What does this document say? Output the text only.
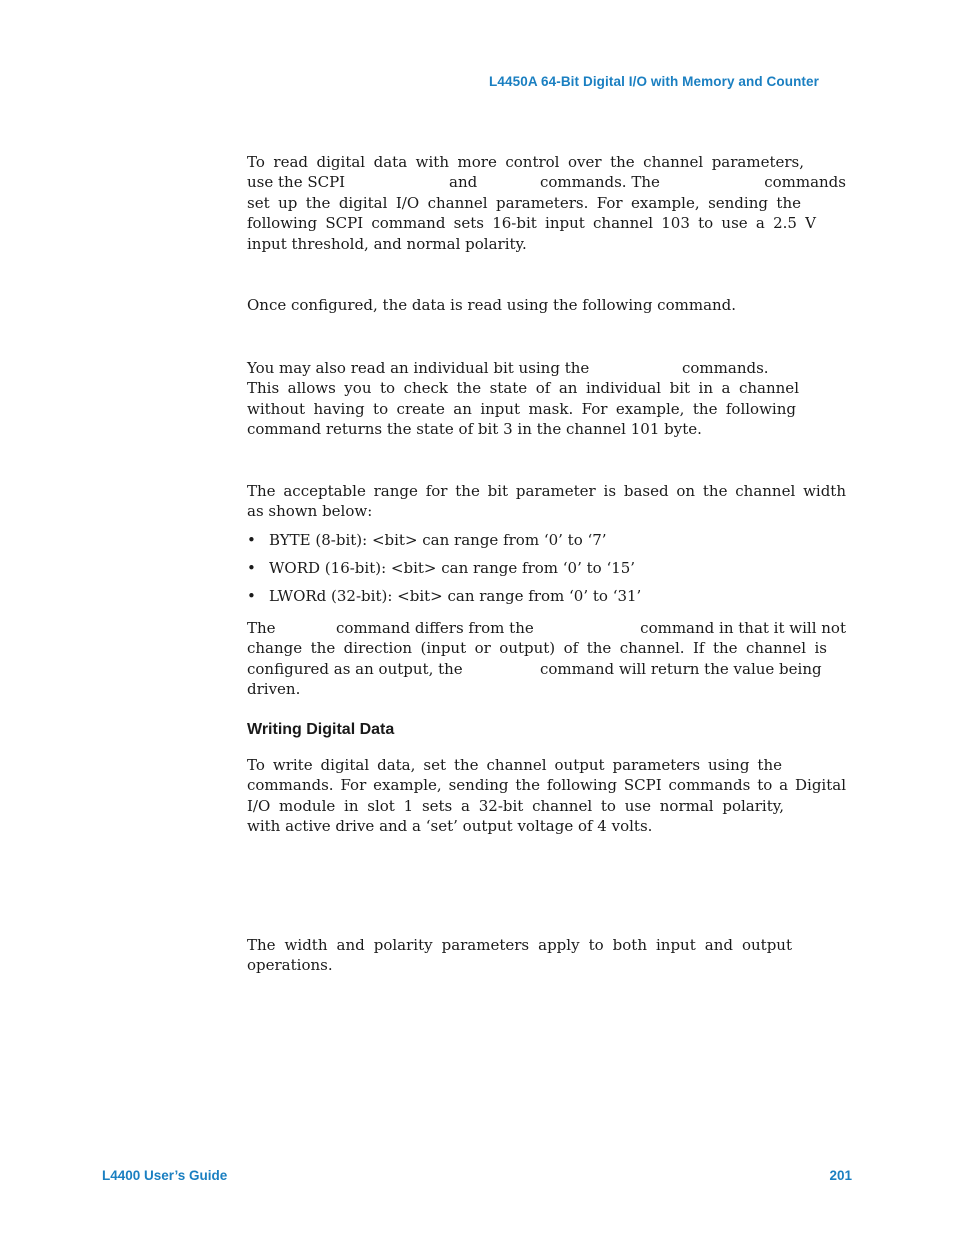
L4450A 64-Bit Digital I/O with Memory and Counter
To read digital data with more control over the channel parameters,
use the SCPI	and	commands. The	commands
set up the digital I/O channel parameters. For example, sending the
following SCPI command sets 16-bit input channel 103 to use a 2.5 V
input threshold, and normal polarity.
Once configured, the data is read using the following command.
You may also read an individual bit using the	commands.
This allows you to check the state of an individual bit in a channel
without having to create an input mask. For example, the following
command returns the state of bit 3 in the channel 101 byte.
The acceptable range for the bit parameter is based on the channel width
as shown below:
• BYTE (8-bit): <bit> can range from ‘0’ to ‘7’
• WORD (16-bit): <bit> can range from ‘0’ to ‘15’
• LWORd (32-bit): <bit> can range from ‘0’ to ‘31’
The	command differs from the	command in that it will not
change the direction (input or output) of the channel. If the channel is
configured as an output, the	command will return the value being
driven.
Writing Digital Data
To write digital data, set the channel output parameters using the
commands. For example, sending the following SCPI commands to a Digital
I/O module in slot 1 sets a 32-bit channel to use normal polarity,
with active drive and a ‘set’ output voltage of 4 volts.
The width and polarity parameters apply to both input and output
operations.
L4400 User’s Guide	201
